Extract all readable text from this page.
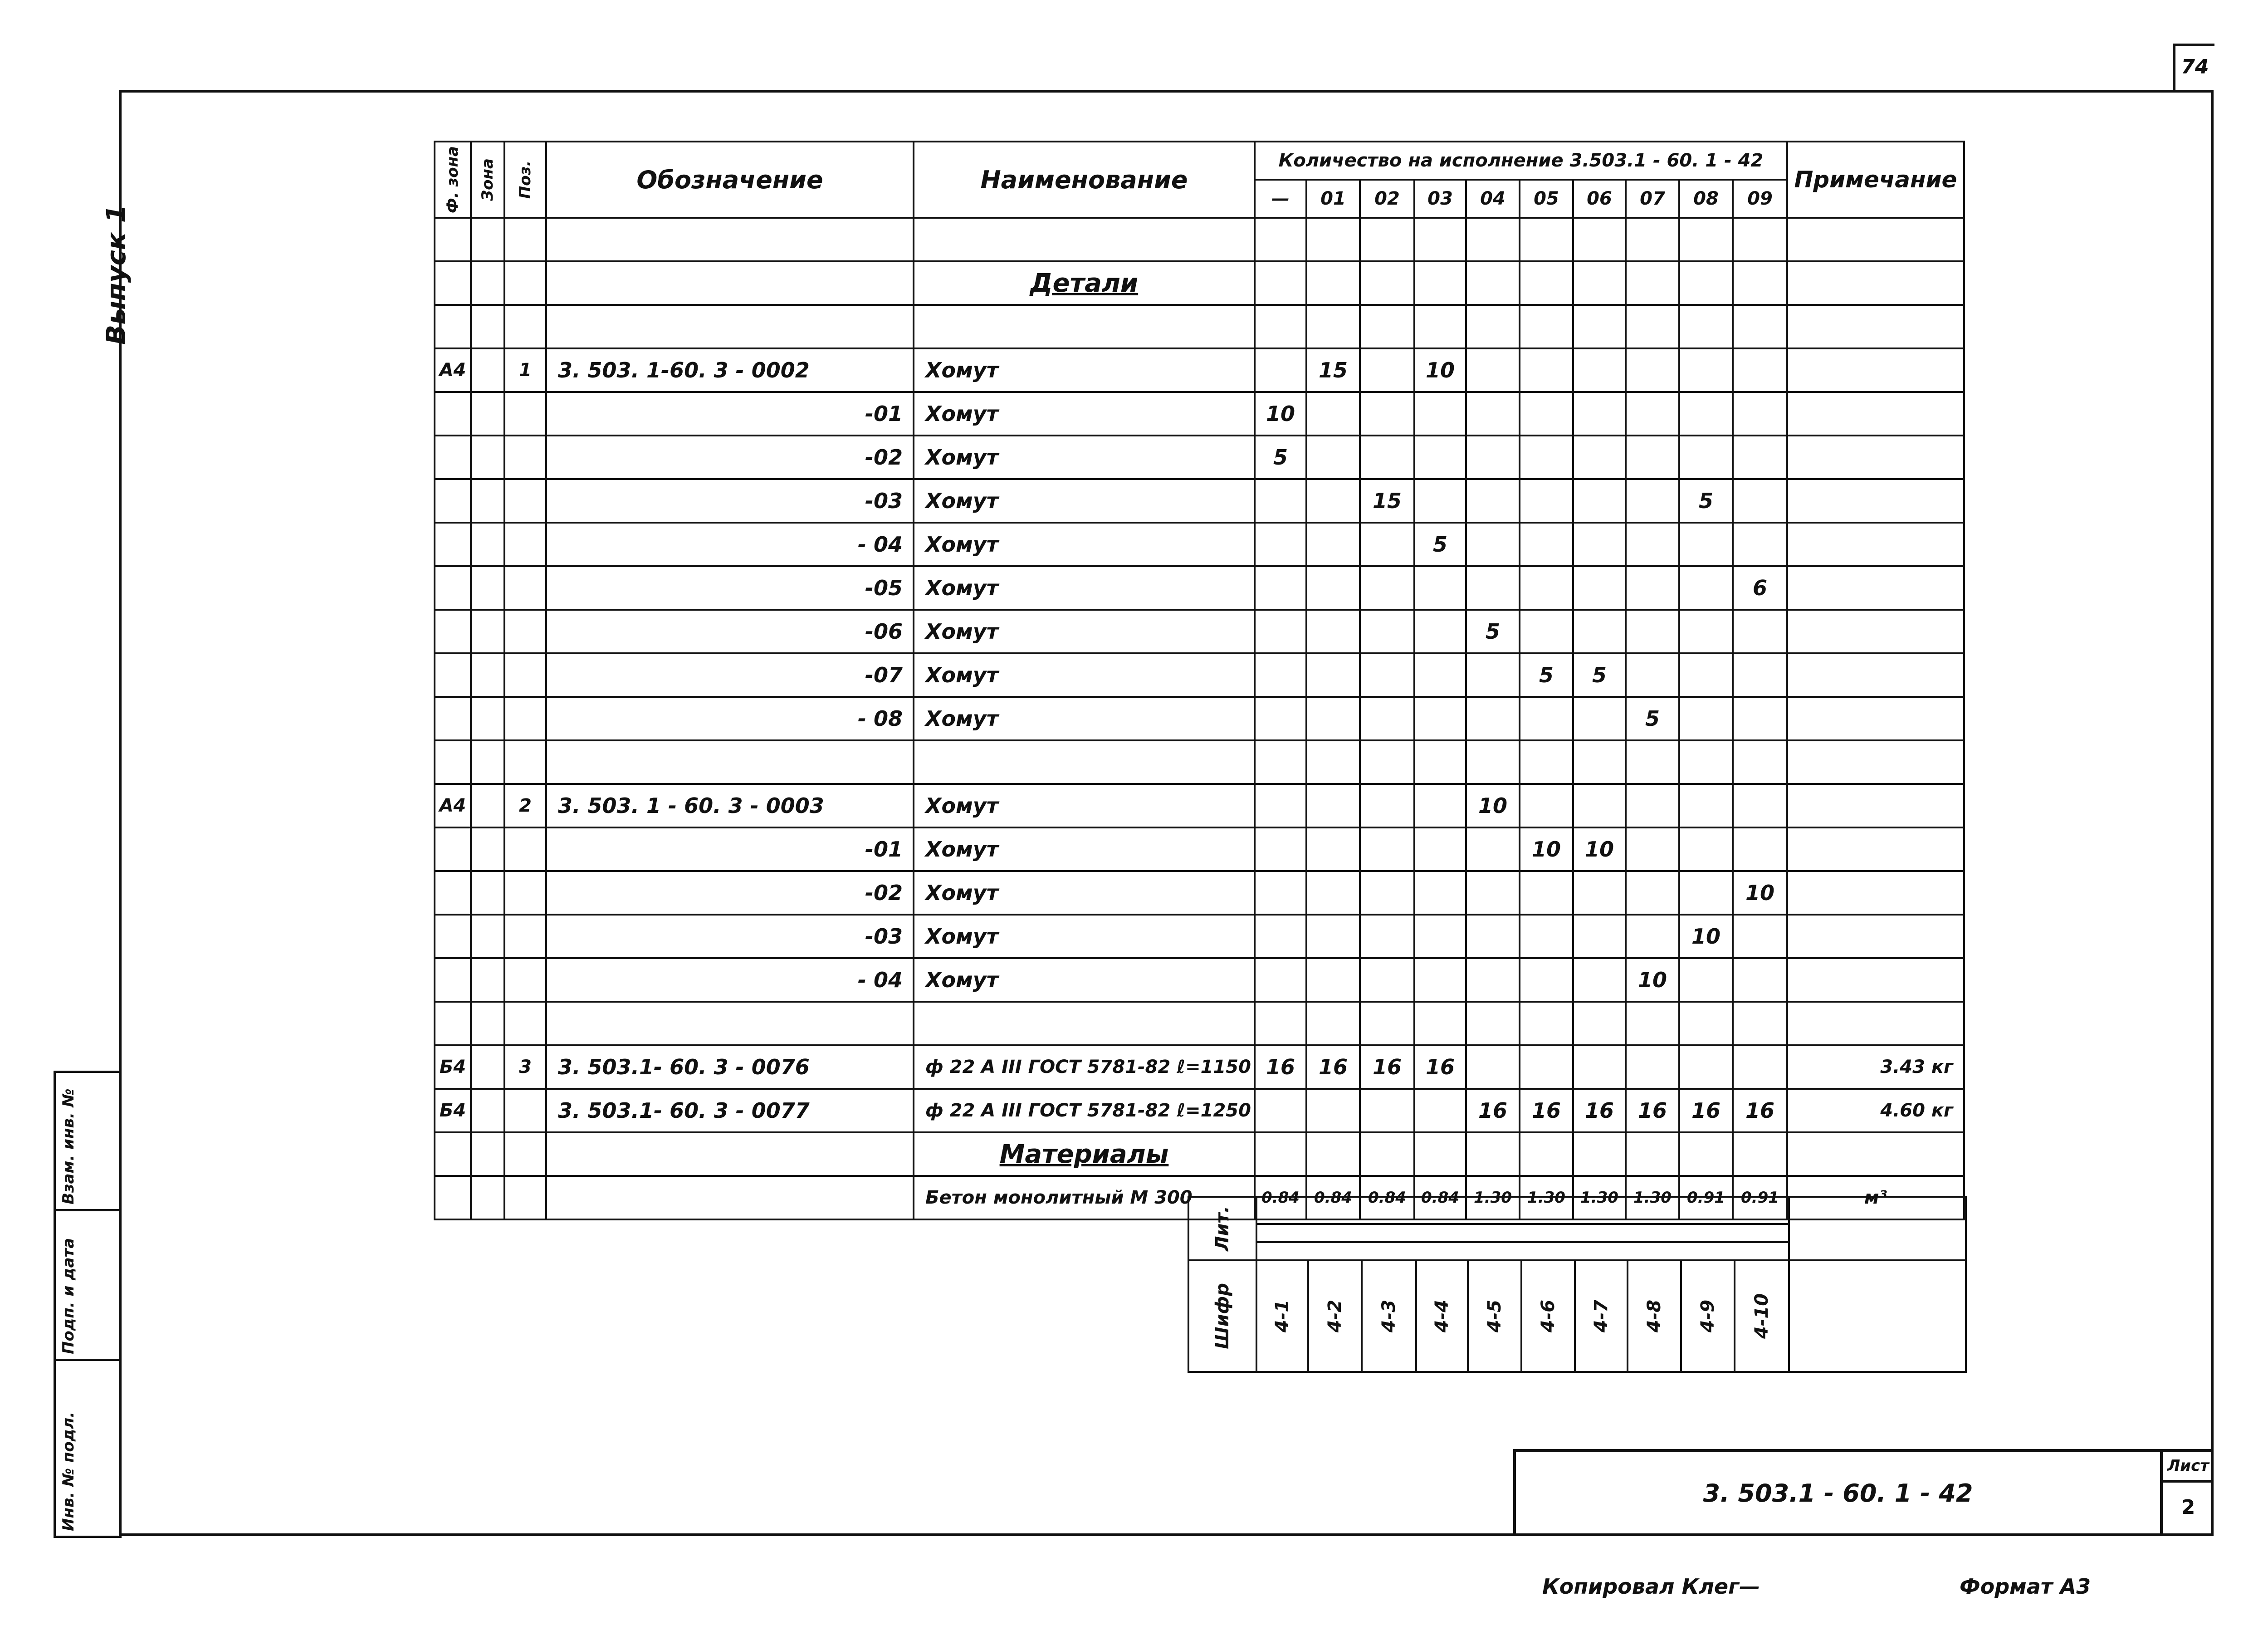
74
Выпуск 1
Взам. инв. №
Подп. и дата
Инв. № подл.
Ф. зона	Зона	Поз.	Обозначение	Наименование	Количество на исполнение 3.503.1 - 60. 1 - 42										Примечание
					—	01	02	03	04	05	06	07	08	09	

				Детали											

A4		1	3. 503. 1-60. 3 - 0002	Хомут		15		10							
			-01	Хомут	10										
			-02	Хомут	5										
			-03	Хомут			15						5		
			- 04	Хомут				5							
			-05	Хомут										6	
			-06	Хомут					5						
			-07	Хомут						5	5				
			- 08	Хомут								5			

A4		2	3. 503. 1 - 60. 3 - 0003	Хомут					10						
			-01	Хомут						10	10				
			-02	Хомут										10	
			-03	Хомут									10		
			- 04	Хомут								10			

Б4		3	3. 503.1- 60. 3 - 0076	ф 22 А III ГОСТ 5781-82 ℓ=1150	16	16	16	16							3.43 кг
Б4			3. 503.1- 60. 3 - 0077	ф 22 А III ГОСТ 5781-82 ℓ=1250					16	16	16	16	16	16	4.60 кг
				Материалы											
				Бетон монолитный М 300	0.84	0.84	0.84	0.84	1.30	1.30	1.30	1.30	0.91	0.91	м³
Лит.											

Шифр	4-1	4-2	4-3	4-4	4-5	4-6	4-7	4-8	4-9	4-10	
3. 503.1 - 60. 1 - 42
Лист
2
Копировал Клег—	Формат А3
